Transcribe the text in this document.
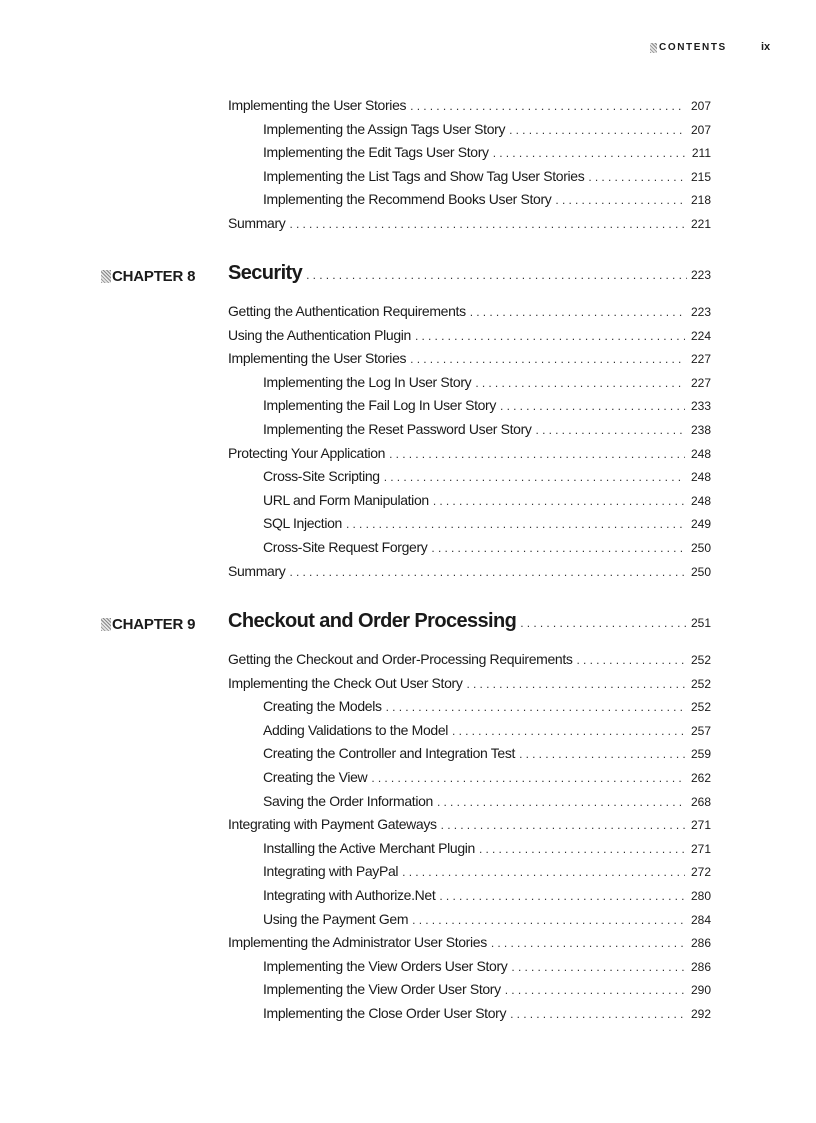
CONTENTS	ix
Implementing the User Stories .....	207
Implementing the Assign Tags User Story .....	207
Implementing the Edit Tags User Story .....	211
Implementing the List Tags and Show Tag User Stories .....	215
Implementing the Recommend Books User Story .....	218
Summary .....	221
CHAPTER 8 Security .....	223
Getting the Authentication Requirements .....	223
Using the Authentication Plugin .....	224
Implementing the User Stories .....	227
Implementing the Log In User Story .....	227
Implementing the Fail Log In User Story .....	233
Implementing the Reset Password User Story .....	238
Protecting Your Application .....	248
Cross-Site Scripting .....	248
URL and Form Manipulation .....	248
SQL Injection .....	249
Cross-Site Request Forgery .....	250
Summary .....	250
CHAPTER 9 Checkout and Order Processing .....	251
Getting the Checkout and Order-Processing Requirements .....	252
Implementing the Check Out User Story .....	252
Creating the Models .....	252
Adding Validations to the Model .....	257
Creating the Controller and Integration Test .....	259
Creating the View .....	262
Saving the Order Information .....	268
Integrating with Payment Gateways .....	271
Installing the Active Merchant Plugin .....	271
Integrating with PayPal .....	272
Integrating with Authorize.Net .....	280
Using the Payment Gem .....	284
Implementing the Administrator User Stories .....	286
Implementing the View Orders User Story .....	286
Implementing the View Order User Story .....	290
Implementing the Close Order User Story .....	292
